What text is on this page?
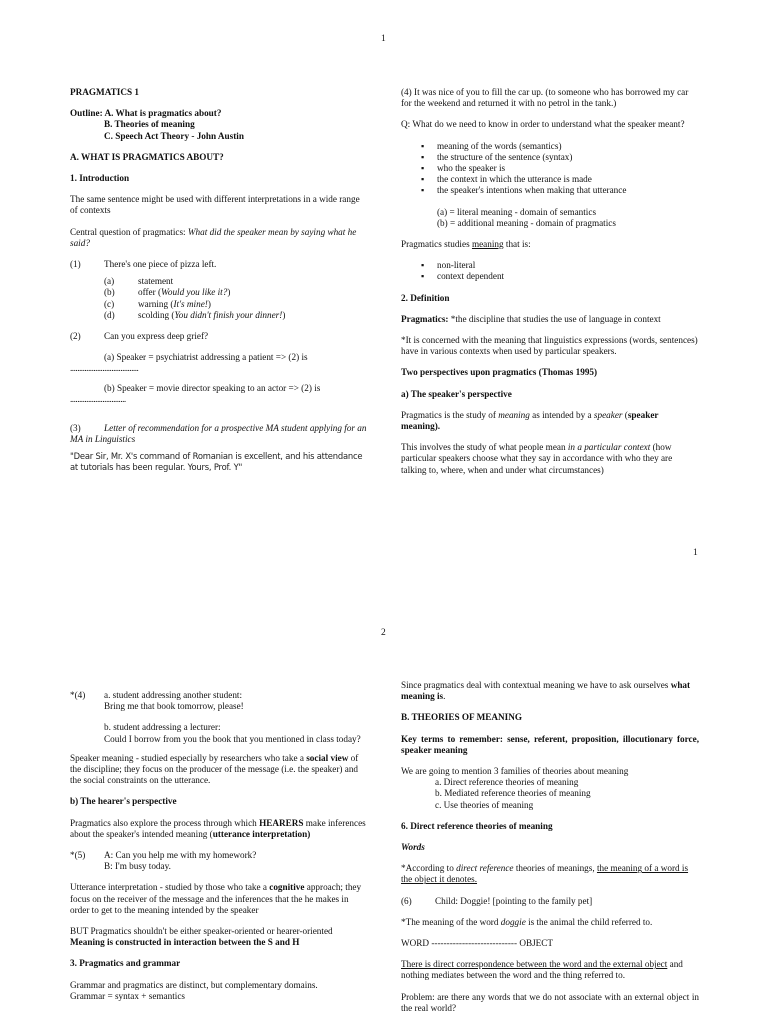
1

PRAGMATICS 1

Outline: A. What is pragmatics about?
B. Theories of meaning
C. Speech Act Theory - John Austin

A. WHAT IS PRAGMATICS ABOUT?

1. Introduction

The same sentence might be used with different interpretations in a wide range of contexts

Central question of pragmatics: What did the speaker mean by saying what he said?

(1)	There's one piece of pizza left.
(a)	statement
(b)	offer (Would you like it?)
(c)	warning (It's mine!)
(d)	scolding (You didn't finish your dinner!)
(2)	Can you express deep grief?
(a) Speaker = psychiatrist addressing a patient => (2) is
......................................
(b) Speaker = movie director speaking to an actor => (2) is
...............................
(3)	Letter of recommendation for a prospective MA student applying for an MA in Linguistics
"Dear Sir, Mr. X's command of Romanian is excellent, and his attendance at tutorials has been regular. Yours, Prof. Y"

(4) It was nice of you to fill the car up. (to someone who has borrowed my car for the weekend and returned it with no petrol in the tank.)

Q: What do we need to know in order to understand what the speaker meant?

▪ meaning of the words (semantics)
▪ the structure of the sentence (syntax)
▪ who the speaker is
▪ the context in which the utterance is made
▪ the speaker's intentions when making that utterance
(a) = literal meaning - domain of semantics
(b) = additional meaning - domain of pragmatics

Pragmatics studies meaning that is:

▪ non-literal
▪ context dependent

2. Definition

Pragmatics: *the discipline that studies the use of language in context

*It is concerned with the meaning that linguistics expressions (words, sentences) have in various contexts when used by particular speakers.

Two perspectives upon pragmatics (Thomas 1995)

a) The speaker's perspective

Pragmatics is the study of meaning as intended by a speaker (speaker meaning).

This involves the study of what people mean in a particular context (how particular speakers choose what they say in accordance with who they are talking to, where, when and under what circumstances)

1
2
*(4)	a. student addressing another student:
Bring me that book tomorrow, please!
b. student addressing a lecturer:
Could I borrow from you the book that you mentioned in class today?

Speaker meaning - studied especially by researchers who take a social view of the discipline; they focus on the producer of the message (i.e. the speaker) and the social constraints on the utterance.

b) The hearer's perspective

Pragmatics also explore the process through which HEARERS make inferences about the speaker's intended meaning (utterance interpretation)

*(5)	A: Can you help me with my homework?
B: I'm busy today.

Utterance interpretation - studied by those who take a cognitive approach; they focus on the receiver of the message and the inferences that the he makes in order to get to the meaning intended by the speaker

BUT Pragmatics shouldn't be either speaker-oriented or hearer-oriented
Meaning is constructed in interaction between the S and H

3. Pragmatics and grammar

Grammar and pragmatics are distinct, but complementary domains.
Grammar = syntax + semantics

Since pragmatics deal with contextual meaning we have to ask ourselves what meaning is.

B. THEORIES OF MEANING

Key terms to remember: sense, referent, proposition, illocutionary force, speaker meaning

We are going to mention 3 families of theories about meaning
a. Direct reference theories of meaning
b. Mediated reference theories of meaning
c. Use theories of meaning

6. Direct reference theories of meaning

Words

*According to direct reference theories of meanings, the meaning of a word is the object it denotes.

(6)	Child: Doggie! [pointing to the family pet]

*The meaning of the word doggie is the animal the child referred to.

WORD ---------------------------- OBJECT

There is direct correspondence between the word and the external object and nothing mediates between the word and the thing referred to.

Problem: are there any words that we do not associate with an external object in the real world?
